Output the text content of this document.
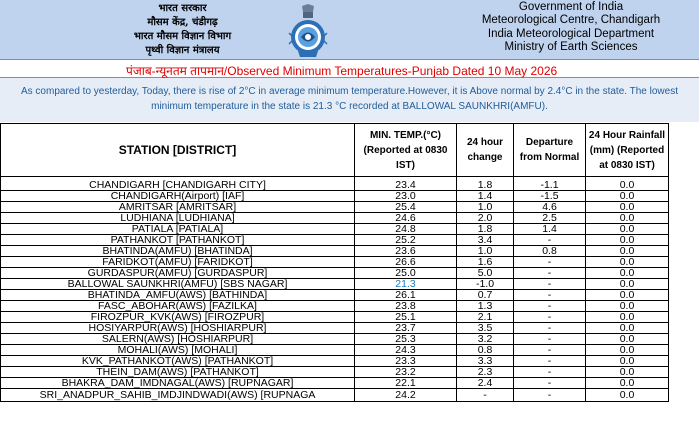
भारत सरकार
मौसम केंद्र, चंडीगढ़
भारत मौसम विज्ञान विभाग
पृथ्वी विज्ञान मंत्रालय
Government of India
Meteorological Centre, Chandigarh
India Meteorological Department
Ministry of Earth Sciences
पंजाब-न्यूनतम तापमान/Observed Minimum Temperatures-Punjab Dated 10 May 2026
As compared to yesterday, Today, there is rise of 2°C in average minimum temperature.However, it is Above normal by 2.4°C in the state. The lowest minimum temperature in the state is 21.3 °C recorded at BALLOWAL SAUNKHRI(AMFU).
STATION [DISTRICT]	MIN. TEMP.(°C) (Reported at 0830 IST)	24 hour change	Departure from Normal	24 Hour Rainfall (mm) (Reported at 0830 IST)
CHANDIGARH [CHANDIGARH CITY]	23.4	1.8	-1.1	0.0
CHANDIGARH(Airport) [IAF]	23.0	1.4	-1.5	0.0
AMRITSAR [AMRITSAR]	25.4	1.0	4.6	0.0
LUDHIANA [LUDHIANA]	24.6	2.0	2.5	0.0
PATIALA [PATIALA]	24.8	1.8	1.4	0.0
PATHANKOT [PATHANKOT]	25.2	3.4	-	0.0
BHATINDA(AMFU) [BHATINDA]	23.6	1.0	0.8	0.0
FARIDKOT(AMFU) [FARIDKOT]	26.6	1.6	-	0.0
GURDASPUR(AMFU) [GURDASPUR]	25.0	5.0	-	0.0
BALLOWAL SAUNKHRI(AMFU) [SBS NAGAR]	21.3	-1.0	-	0.0
BHATINDA_AMFU(AWS) [BATHINDA]	26.1	0.7	-	0.0
FASC_ABOHAR(AWS) [FAZILKA]	23.8	1.3	-	0.0
FIROZPUR_KVK(AWS) [FIROZPUR]	25.1	2.1	-	0.0
HOSIYARPUR(AWS) [HOSHIARPUR]	23.7	3.5	-	0.0
SALERN(AWS) [HOSHIARPUR]	25.3	3.2	-	0.0
MOHALI(AWS) [MOHALI]	24.3	0.8	-	0.0
KVK_PATHANKOT(AWS) [PATHANKOT]	23.3	3.3	-	0.0
THEIN_DAM(AWS) [PATHANKOT]	23.2	2.3	-	0.0
BHAKRA_DAM_IMDNAGAL(AWS) [RUPNAGAR]	22.1	2.4	-	0.0
SRI_ANADPUR_SAHIB_IMDJINDWADI(AWS) [RUPNAGA	24.2	-	-	0.0
